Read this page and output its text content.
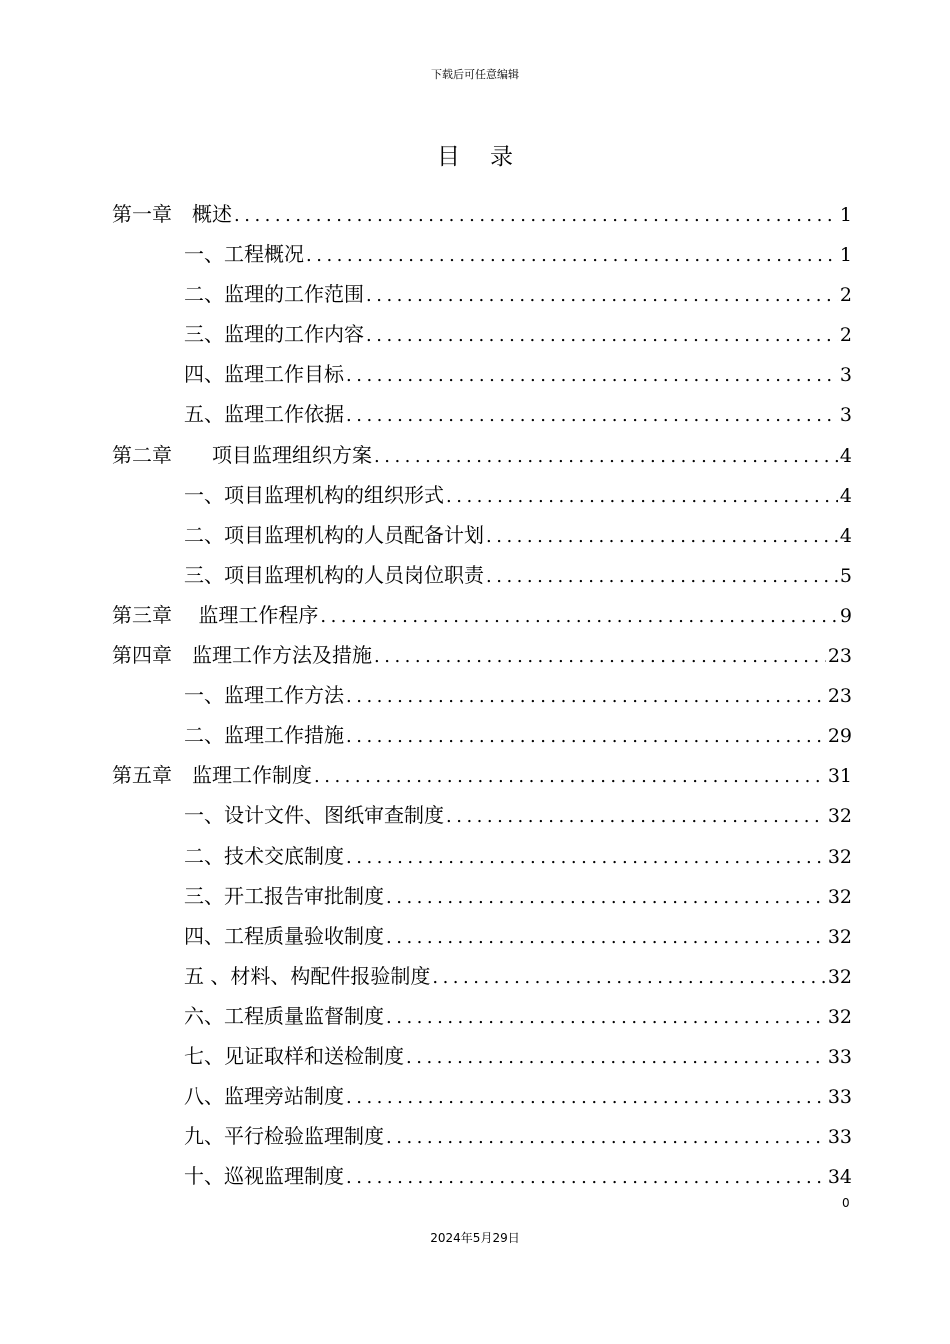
下载后可任意编辑
目录
第一章　概述 .....	1
一、工程概况 .....	1
二、监理的工作范围 .....	2
三、监理的工作内容 .....	2
四、监理工作目标 .....	3
五、监理工作依据 .....	3
第二章　　项目监理组织方案 .....	4
一、项目监理机构的组织形式 .....	4
二、项目监理机构的人员配备计划 .....	4
三、项目监理机构的人员岗位职责 .....	5
第三章　 监理工作程序 .....	9
第四章　监理工作方法及措施 .....	23
一、监理工作方法 .....	23
二、监理工作措施 .....	29
第五章　监理工作制度 .....	31
一、设计文件、图纸审查制度 .....	32
二、技术交底制度 .....	32
三、开工报告审批制度 .....	32
四、工程质量验收制度 .....	32
五 、材料、构配件报验制度 .....	32
六、工程质量监督制度 .....	32
七、见证取样和送检制度 .....	33
八、监理旁站制度 .....	33
九、平行检验监理制度 .....	33
十、巡视监理制度 .....	34
0
2024年5月29日
